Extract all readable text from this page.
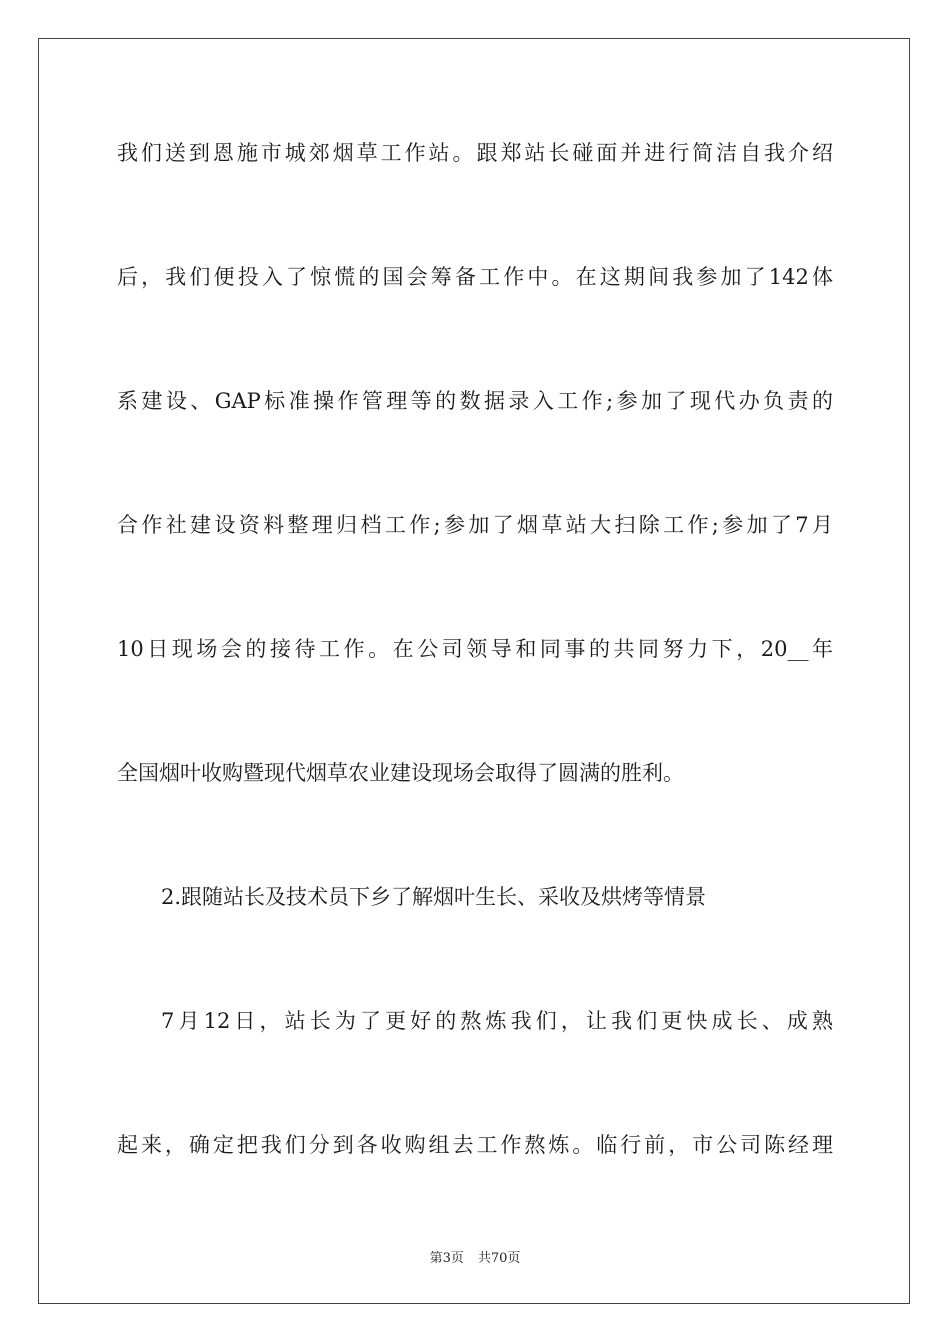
我们送到恩施市城郊烟草工作站。跟郑站长碰面并进行简洁自我介绍
后，我们便投入了惊慌的国会筹备工作中。在这期间我参加了142体
系建设、GAP标准操作管理等的数据录入工作;参加了现代办负责的
合作社建设资料整理归档工作;参加了烟草站大扫除工作;参加了7月
10日现场会的接待工作。在公司领导和同事的共同努力下，20__年
全国烟叶收购暨现代烟草农业建设现场会取得了圆满的胜利。
2.跟随站长及技术员下乡了解烟叶生长、采收及烘烤等情景
7月12日，站长为了更好的熬炼我们，让我们更快成长、成熟
起来，确定把我们分到各收购组去工作熬炼。临行前，市公司陈经理
第3页 共70页
